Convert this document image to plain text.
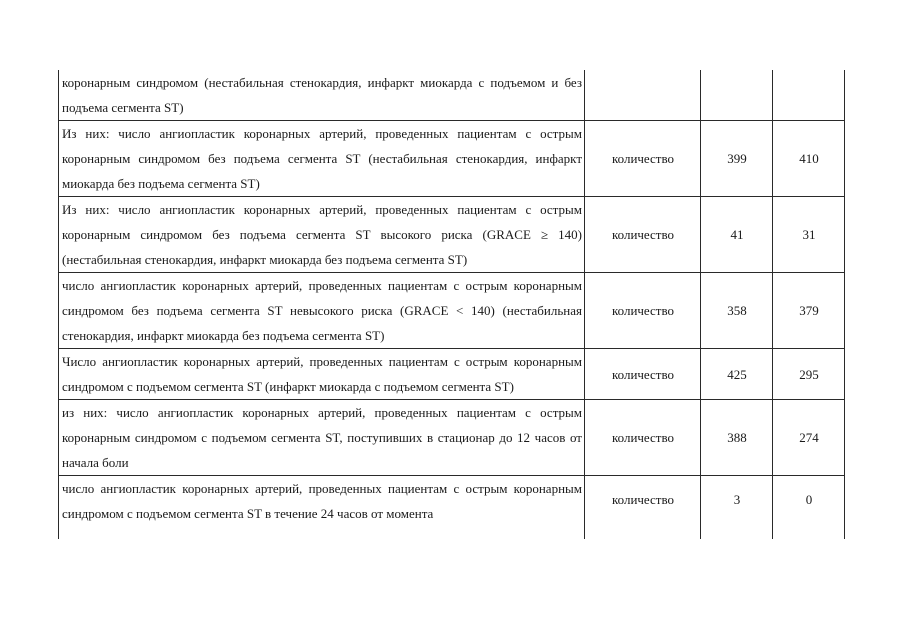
коронарным синдромом (нестабильная стенокардия, инфаркт миокарда с подъемом и без подъема сегмента ST)			
Из них: число ангиопластик коронарных артерий, проведенных пациентам с острым коронарным синдромом без подъема сегмента ST (нестабильная стенокардия, инфаркт миокарда без подъема сегмента ST)	количество	399	410
Из них: число ангиопластик коронарных артерий, проведенных пациентам с острым коронарным синдромом без подъема сегмента ST высокого риска (GRACE ≥ 140) (нестабильная стенокардия, инфаркт миокарда без подъема сегмента ST)	количество	41	31
число ангиопластик коронарных артерий, проведенных пациентам с острым коронарным синдромом без подъема сегмента ST невысокого риска (GRACE < 140) (нестабильная стенокардия, инфаркт миокарда без подъема сегмента ST)	количество	358	379
Число ангиопластик коронарных артерий, проведенных пациентам с острым коронарным синдромом с подъемом сегмента ST (инфаркт миокарда с подъемом сегмента ST)	количество	425	295
из них: число ангиопластик коронарных артерий, проведенных пациентам с острым коронарным синдромом с подъемом сегмента ST, поступивших в стационар до 12 часов от начала боли	количество	388	274
число ангиопластик коронарных артерий, проведенных пациентам с острым коронарным синдромом с подъемом сегмента ST в течение 24 часов от момента	количество	3	0
